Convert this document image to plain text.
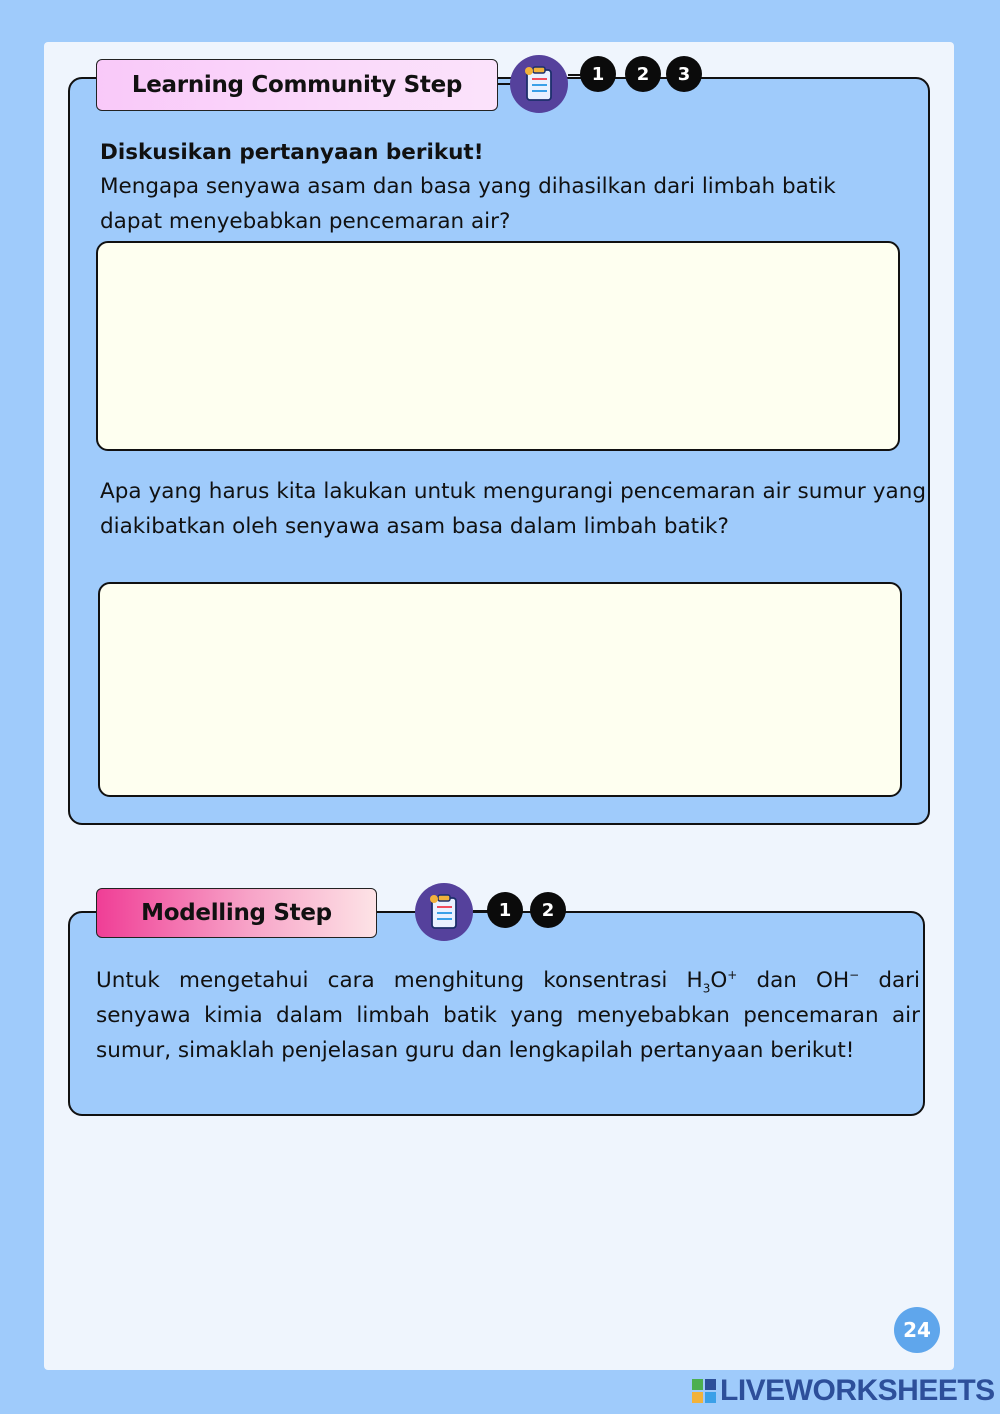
Learning Community Step	1	2	3
Diskusikan pertanyaan berikut!
Mengapa senyawa asam dan basa yang dihasilkan dari limbah batik dapat menyebabkan pencemaran air?
Apa yang harus kita lakukan untuk mengurangi pencemaran air sumur yang diakibatkan oleh senyawa asam basa dalam limbah batik?
Modelling Step	1	2
Untuk mengetahui cara menghitung konsentrasi $H_3O^+$ dan OH− dari senyawa kimia dalam limbah batik yang menyebabkan pencemaran air sumur, simaklah penjelasan guru dan lengkapilah pertanyaan berikut!
24
LIVEWORKSHEETS
